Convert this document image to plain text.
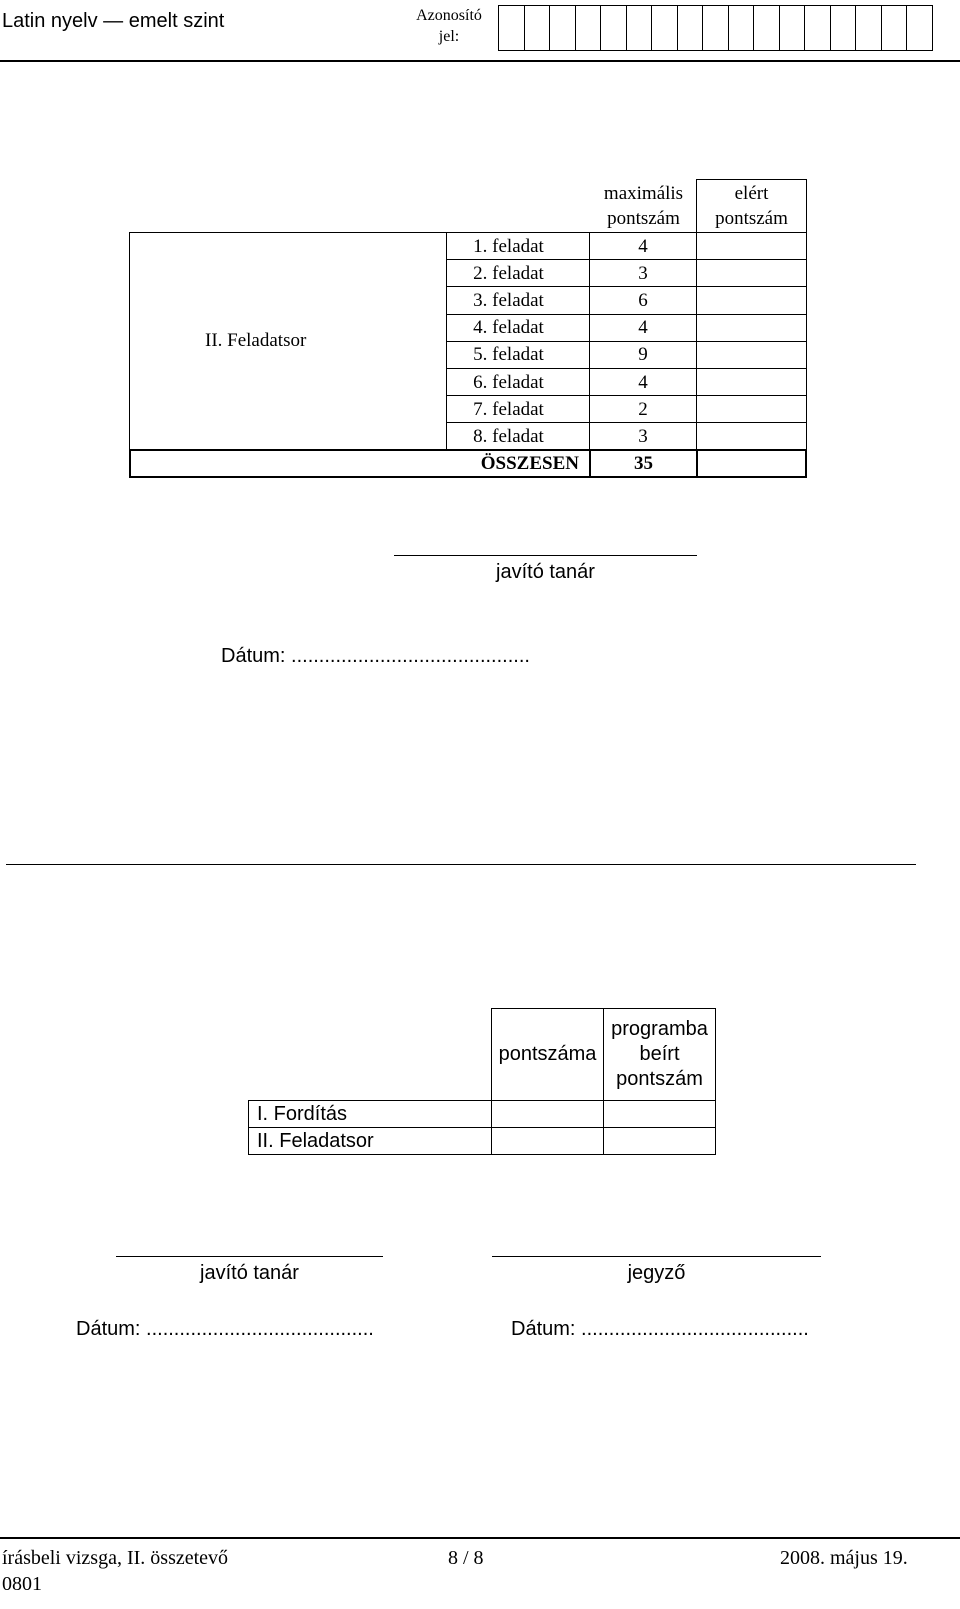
Latin nyelv — emelt szint	Azonosító jel:
maximális pontszám
elért pontszám
II. Feladatsor
1. feladat	4
2. feladat	3
3. feladat	6
4. feladat	4
5. feladat	9
6. feladat	4
7. feladat	2
8. feladat	3
ÖSSZESEN	35
javító tanár
Dátum: ...........................................
pontszáma
programba beírt pontszám
I. Fordítás
II. Feladatsor
javító tanár	jegyző
Dátum: .........................................	Dátum: .........................................
írásbeli vizsga, II. összetevő
0801
8 / 8	2008. május 19.
